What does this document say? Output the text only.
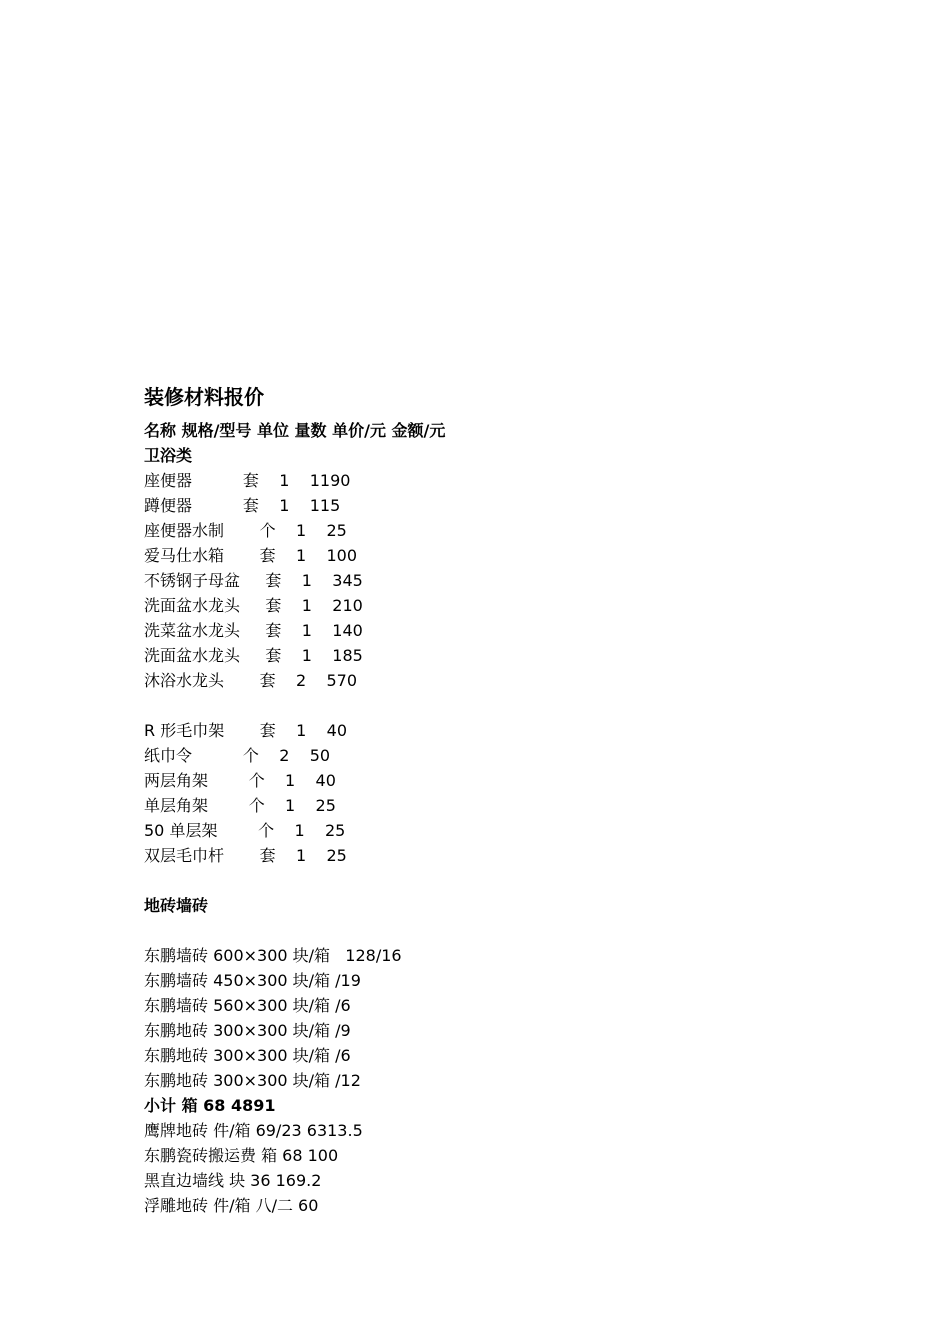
装修材料报价
名称 规格/型号 单位 量数 单价/元 金额/元
卫浴类
座便器          套    1    1190
蹲便器          套    1    115
座便器水制       个    1    25
爱马仕水箱       套    1    100
不锈钢子母盆     套    1    345
洗面盆水龙头     套    1    210
洗菜盆水龙头     套    1    140
洗面盆水龙头     套    1    185
沐浴水龙头       套    2    570
R 形毛巾架       套    1    40
纸巾令          个    2    50
两层角架        个    1    40
单层角架        个    1    25
50 单层架        个    1    25
双层毛巾杆       套    1    25
地砖墙砖
东鹏墙砖 600×300 块/箱   128/16
东鹏墙砖 450×300 块/箱 /19
东鹏墙砖 560×300 块/箱 /6
东鹏地砖 300×300 块/箱 /9
东鹏地砖 300×300 块/箱 /6
东鹏地砖 300×300 块/箱 /12
小计 箱 68 4891
鹰牌地砖 件/箱 69/23 6313.5
东鹏瓷砖搬运费 箱 68 100
黑直边墙线 块 36 169.2
浮雕地砖 件/箱 八/二 60
